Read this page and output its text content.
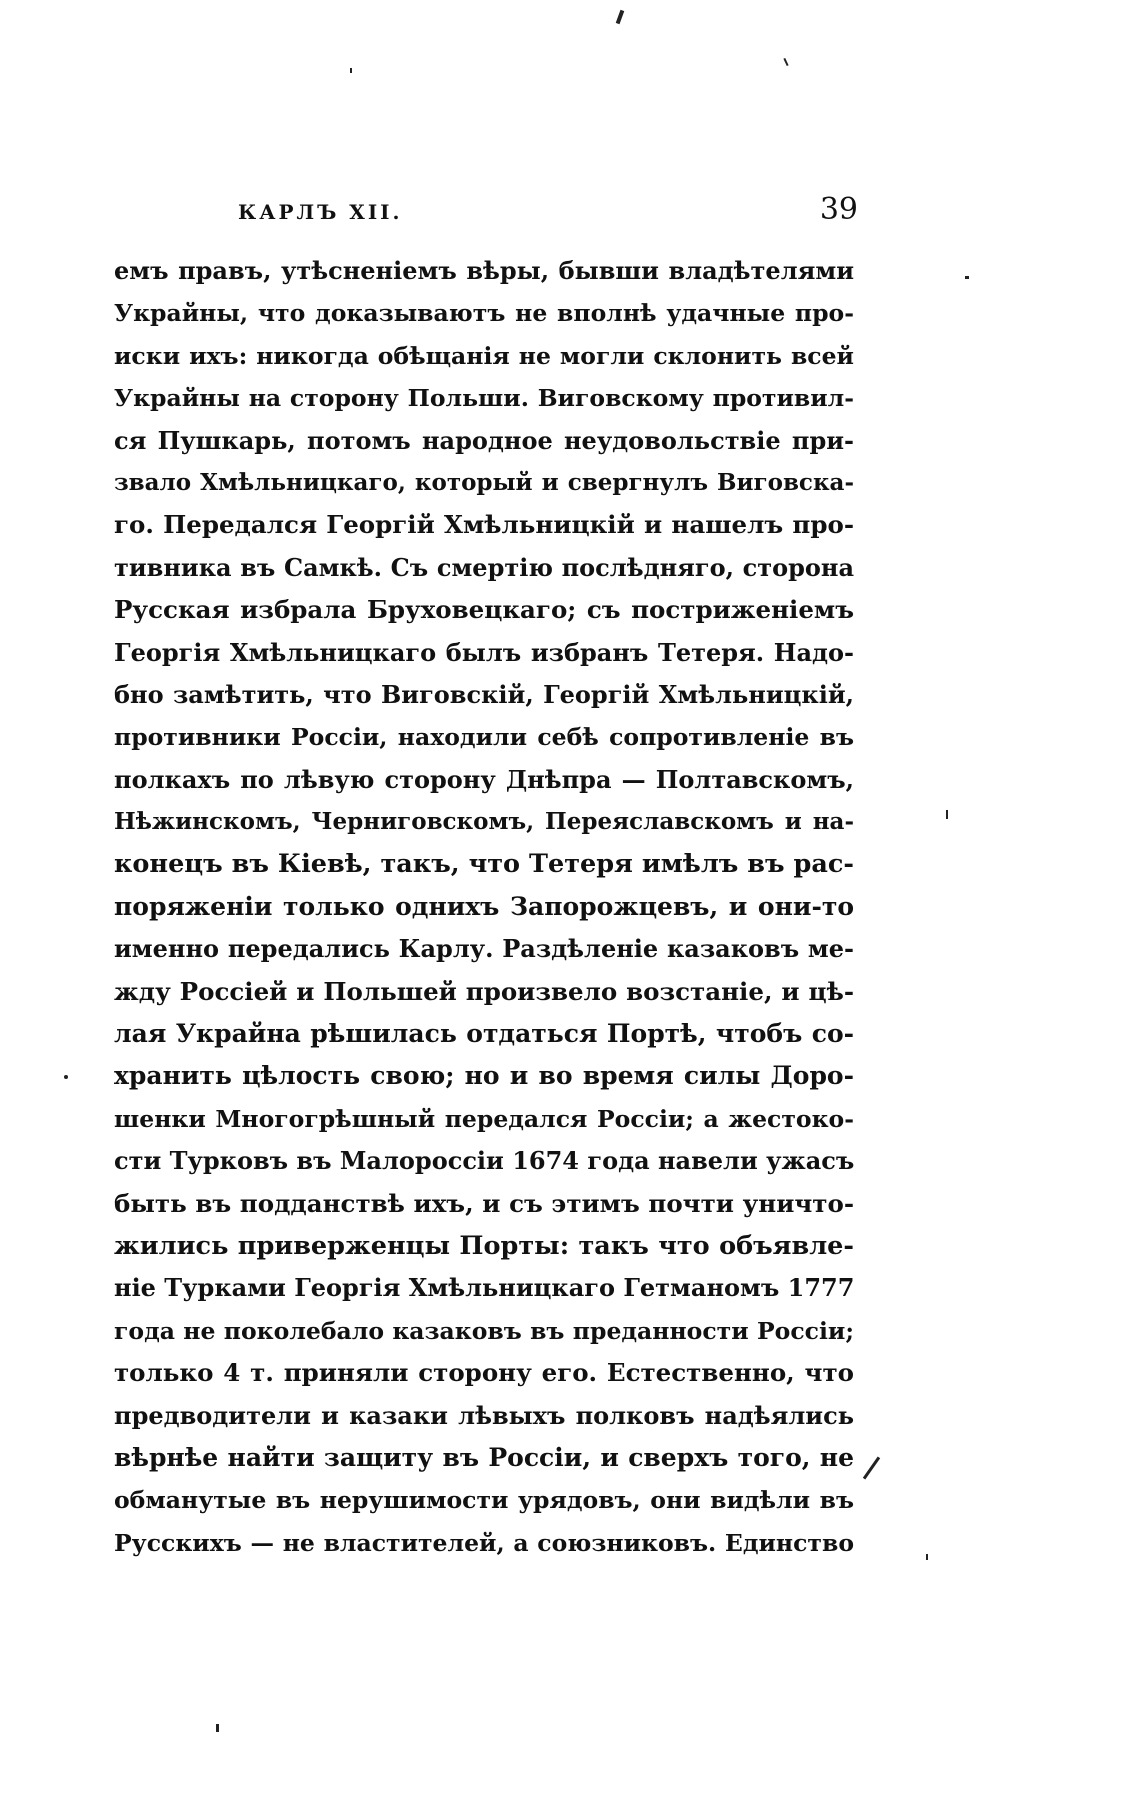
КАРЛЪ XII.	39
емъ правъ, утѣсненіемъ вѣры, бывши владѣтелями
Украйны, что доказываютъ не вполнѣ удачные про-
иски ихъ: никогда обѣщанія не могли склонить всей
Украйны на сторону Польши. Виговскому противил-
ся Пушкарь, потомъ народное неудовольствіе при-
звало Хмѣльницкаго, который и свергнулъ Виговска-
го. Передался Георгій Хмѣльницкій и нашелъ про-
тивника въ Самкѣ. Съ смертію послѣдняго, сторона
Русская избрала Бруховецкаго; съ постриженіемъ
Георгія Хмѣльницкаго былъ избранъ Тетеря. Надо-
бно замѣтить, что Виговскій, Георгій Хмѣльницкій,
противники Россіи, находили себѣ сопротивленіе въ
полкахъ по лѣвую сторону Днѣпра — Полтавскомъ,
Нѣжинскомъ, Черниговскомъ, Переяславскомъ и на-
конецъ въ Кіевѣ, такъ, что Тетеря имѣлъ въ рас-
поряженіи только однихъ Запорожцевъ, и они-то
именно передались Карлу. Раздѣленіе казаковъ ме-
жду Россіей и Польшей произвело возстаніе, и цѣ-
лая Украйна рѣшилась отдаться Портѣ, чтобъ со-
хранить цѣлость свою; но и во время силы Доро-
шенки Многогрѣшный передался Россіи; а жестоко-
сти Турковъ въ Малороссіи 1674 года навели ужасъ
быть въ подданствѣ ихъ, и съ этимъ почти уничто-
жились приверженцы Порты: такъ что объявле-
ніе Турками Георгія Хмѣльницкаго Гетманомъ 1777
года не поколебало казаковъ въ преданности Россіи;
только 4 т. приняли сторону его. Естественно, что
предводители и казаки лѣвыхъ полковъ надѣялись
вѣрнѣе найти защиту въ Россіи, и сверхъ того, не
обманутые въ нерушимости урядовъ, они видѣли въ
Русскихъ — не властителей, а союзниковъ. Единство
